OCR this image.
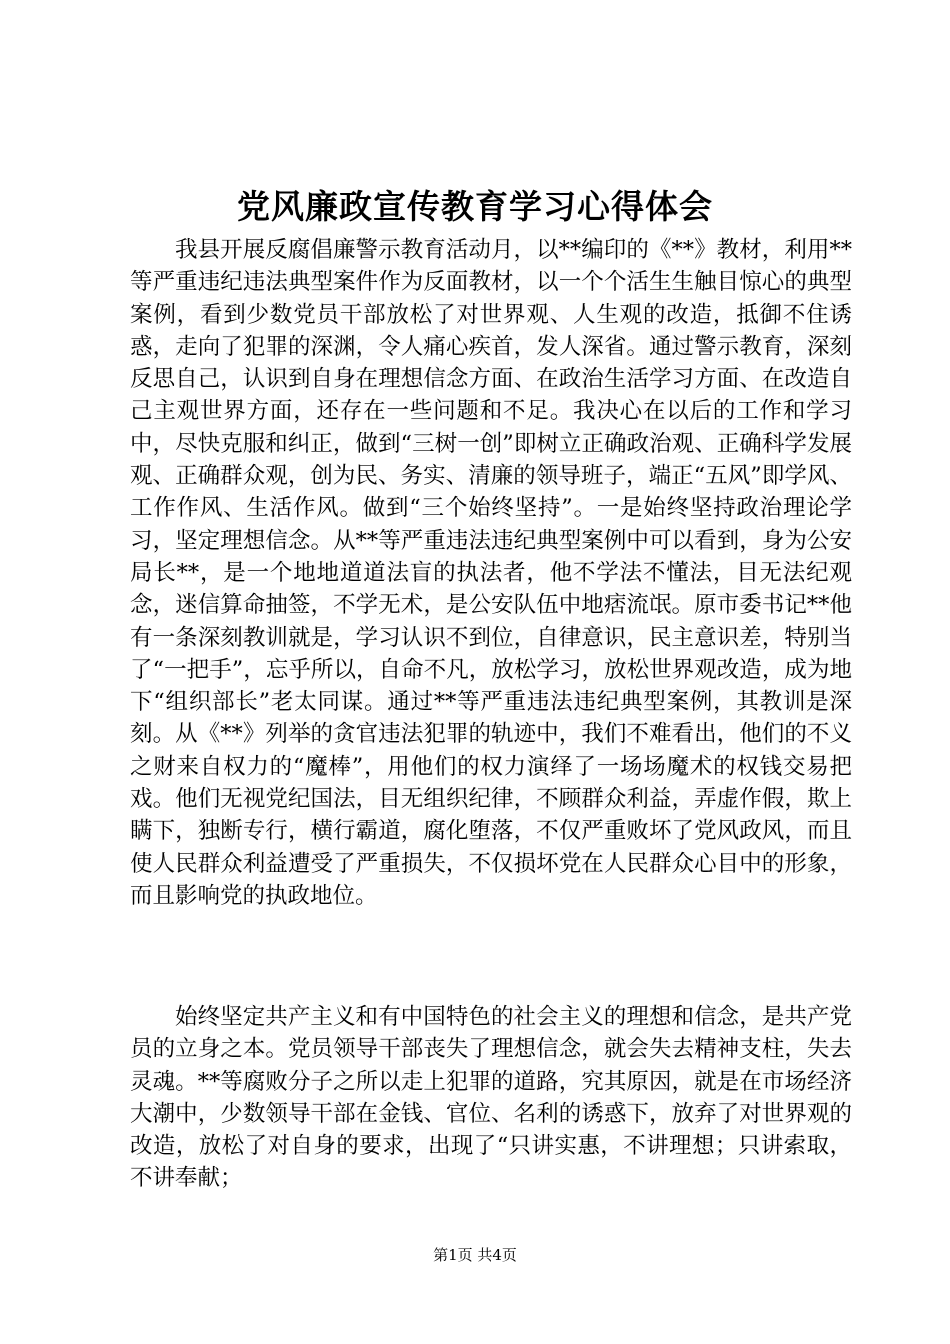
党风廉政宣传教育学习心得体会

我县开展反腐倡廉警示教育活动月，以**编印的《**》教材，利用**等严重违纪违法典型案件作为反面教材，以一个个活生生触目惊心的典型案例，看到少数党员干部放松了对世界观、人生观的改造，抵御不住诱惑，走向了犯罪的深渊，令人痛心疾首，发人深省。通过警示教育，深刻反思自己，认识到自身在理想信念方面、在政治生活学习方面、在改造自己主观世界方面，还存在一些问题和不足。我决心在以后的工作和学习中，尽快克服和纠正，做到“三树一创”即树立正确政治观、正确科学发展观、正确群众观，创为民、务实、清廉的领导班子，端正“五风”即学风、工作作风、生活作风。做到“三个始终坚持”。一是始终坚持政治理论学习，坚定理想信念。从**等严重违法违纪典型案例中可以看到，身为公安局长**，是一个地地道道法盲的执法者，他不学法不懂法，目无法纪观念，迷信算命抽签，不学无术，是公安队伍中地痞流氓。原市委书记**他有一条深刻教训就是，学习认识不到位，自律意识，民主意识差，特别当了“一把手”，忘乎所以，自命不凡，放松学习，放松世界观改造，成为地下“组织部长”老太同谋。通过**等严重违法违纪典型案例，其教训是深刻。从《**》列举的贪官违法犯罪的轨迹中，我们不难看出，他们的不义之财来自权力的“魔棒”，用他们的权力演绎了一场场魔术的权钱交易把戏。他们无视党纪国法，目无组织纪律，不顾群众利益，弄虚作假，欺上瞒下，独断专行，横行霸道，腐化堕落，不仅严重败坏了党风政风，而且使人民群众利益遭受了严重损失，不仅损坏党在人民群众心目中的形象，而且影响党的执政地位。

始终坚定共产主义和有中国特色的社会主义的理想和信念，是共产党员的立身之本。党员领导干部丧失了理想信念，就会失去精神支柱，失去灵魂。**等腐败分子之所以走上犯罪的道路，究其原因，就是在市场经济大潮中，少数领导干部在金钱、官位、名利的诱惑下，放弃了对世界观的改造，放松了对自身的要求，出现了“只讲实惠，不讲理想；只讲索取，不讲奉献；

第1页 共4页
